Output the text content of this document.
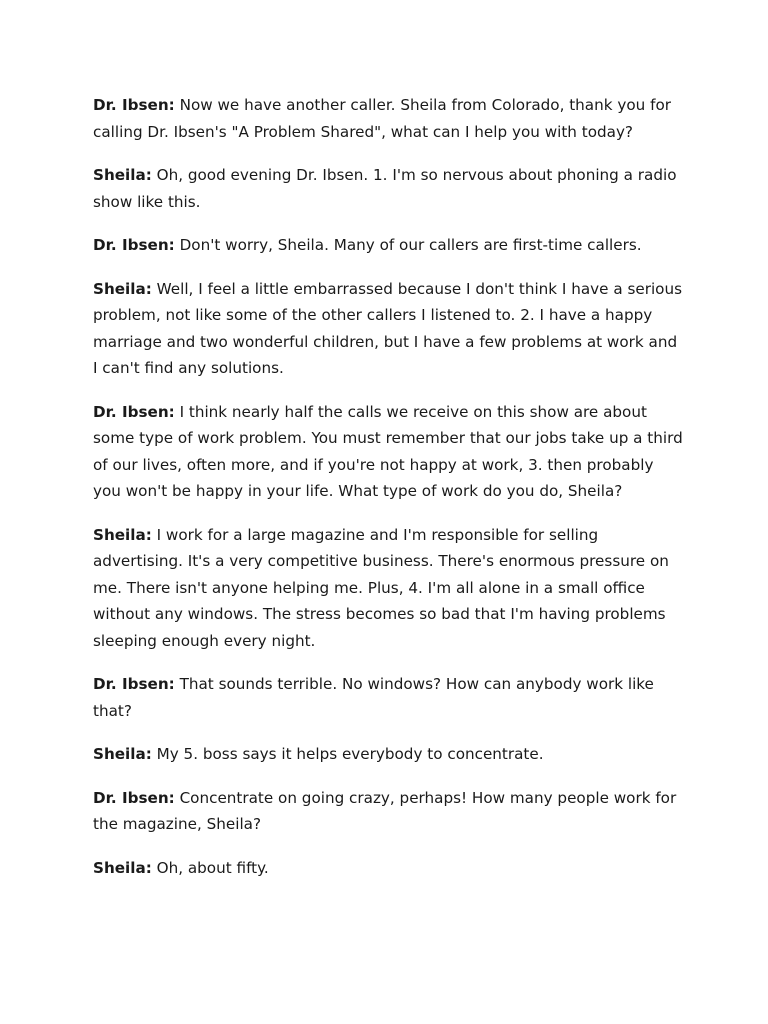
Dr. Ibsen: Now we have another caller. Sheila from Colorado, thank you for calling Dr. Ibsen's "A Problem Shared", what can I help you with today?

Sheila: Oh, good evening Dr. Ibsen. 1. I'm so nervous about phoning a radio show like this.

Dr. Ibsen: Don't worry, Sheila. Many of our callers are first-time callers.

Sheila: Well, I feel a little embarrassed because I don't think I have a serious problem, not like some of the other callers I listened to. 2. I have a happy marriage and two wonderful children, but I have a few problems at work and I can't find any solutions.

Dr. Ibsen: I think nearly half the calls we receive on this show are about some type of work problem. You must remember that our jobs take up a third of our lives, often more, and if you're not happy at work, 3. then probably you won't be happy in your life. What type of work do you do, Sheila?

Sheila: I work for a large magazine and I'm responsible for selling advertising. It's a very competitive business. There's enormous pressure on me. There isn't anyone helping me. Plus, 4. I'm all alone in a small office without any windows. The stress becomes so bad that I'm having problems sleeping enough every night.

Dr. Ibsen: That sounds terrible. No windows? How can anybody work like that?

Sheila: My 5. boss says it helps everybody to concentrate.

Dr. Ibsen: Concentrate on going crazy, perhaps! How many people work for the magazine, Sheila?

Sheila: Oh, about fifty.
